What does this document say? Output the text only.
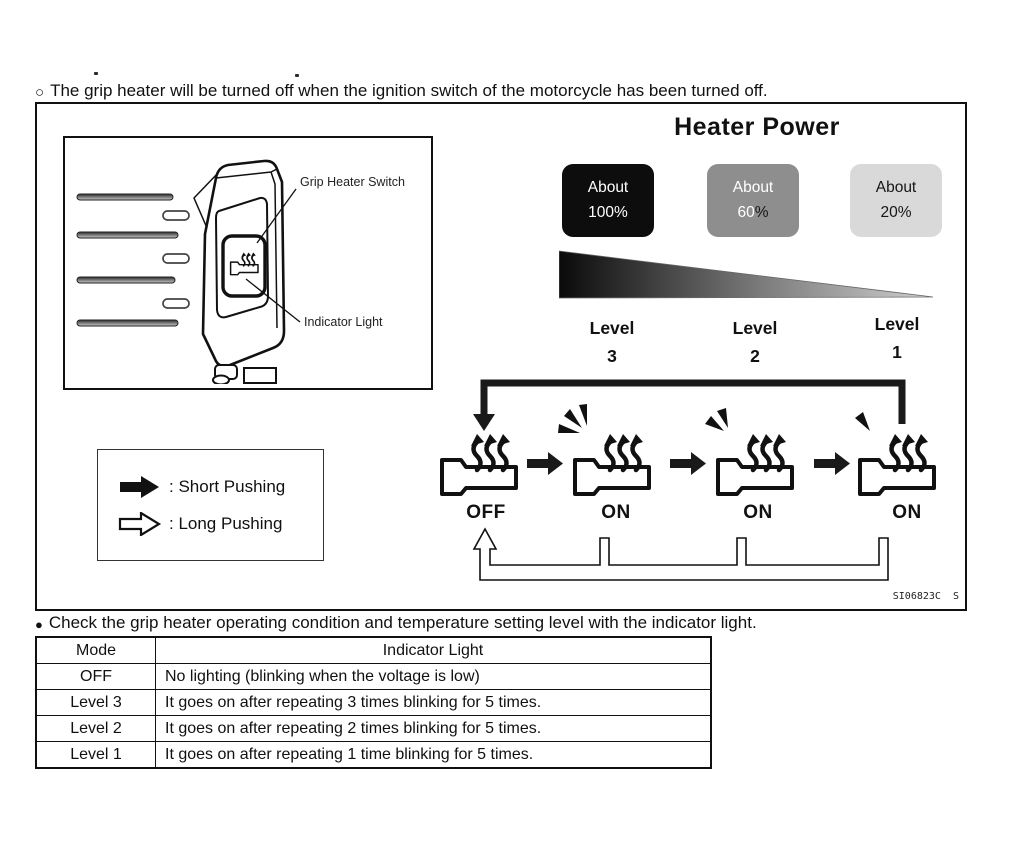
○ The grip heater will be turned off when the ignition switch of the motorcycle has been turned off.
Grip Heater Switch
Indicator Light
Heater Power
About
100%
About
60%
About
20%
Level
3
Level
2
Level
1
OFF	ON	ON	ON
: Short Pushing
: Long Pushing
SI06823C  S
● Check the grip heater operating condition and temperature setting level with the indicator light.
Mode	Indicator Light
OFF	No lighting (blinking when the voltage is low)
Level 3	It goes on after repeating 3 times blinking for 5 times.
Level 2	It goes on after repeating 2 times blinking for 5 times.
Level 1	It goes on after repeating 1 time blinking for 5 times.
